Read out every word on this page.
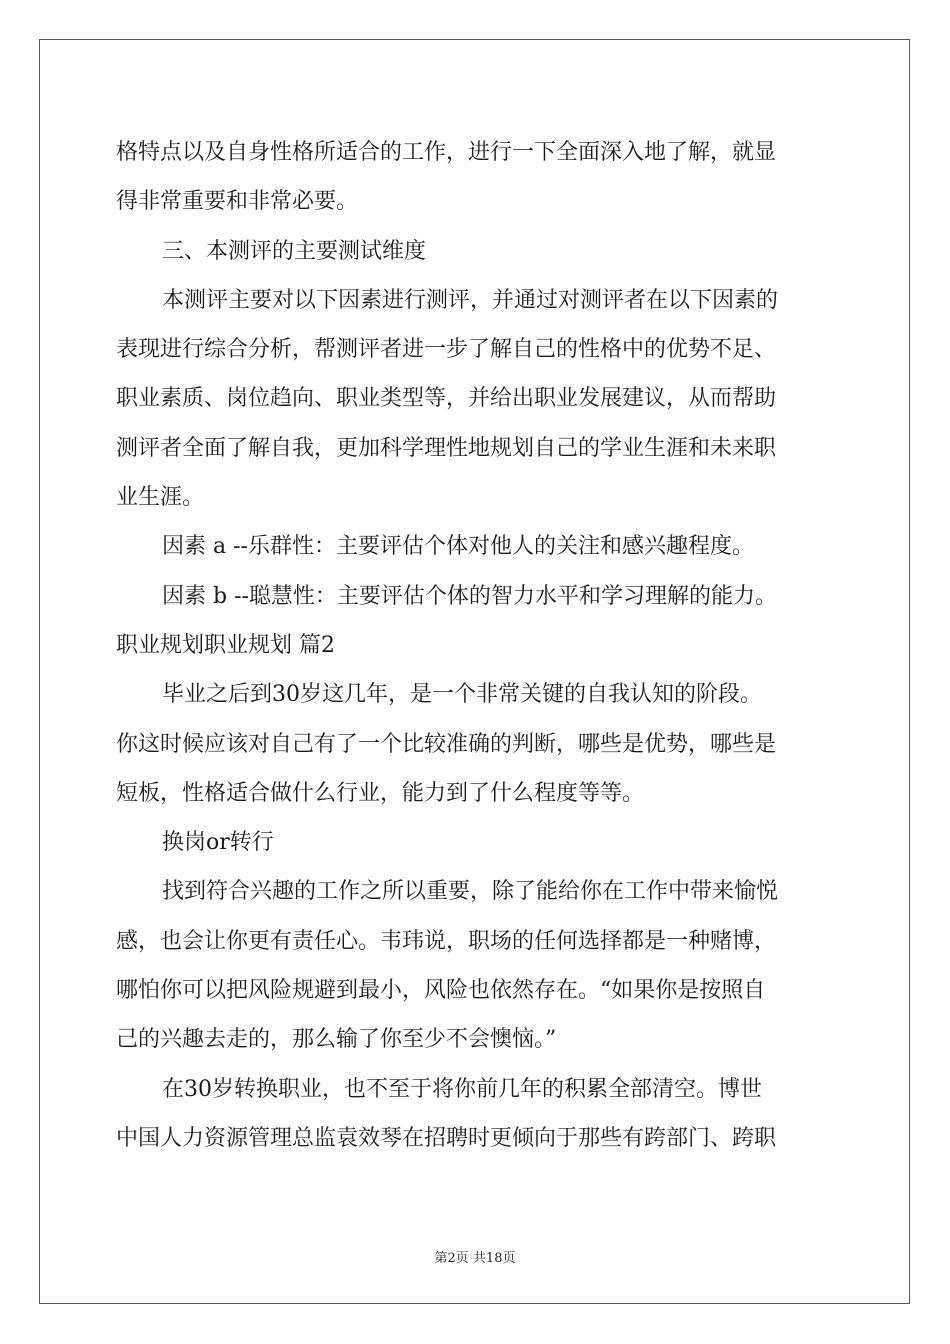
格特点以及自身性格所适合的工作，进行一下全面深入地了解，就显
得非常重要和非常必要。
三、本测评的主要测试维度
本测评主要对以下因素进行测评，并通过对测评者在以下因素的
表现进行综合分析，帮测评者进一步了解自己的性格中的优势不足、
职业素质、岗位趋向、职业类型等，并给出职业发展建议，从而帮助
测评者全面了解自我，更加科学理性地规划自己的学业生涯和未来职
业生涯。
因素 a --乐群性：主要评估个体对他人的关注和感兴趣程度。
因素 b --聪慧性：主要评估个体的智力水平和学习理解的能力。
职业规划职业规划 篇2
毕业之后到30岁这几年，是一个非常关键的自我认知的阶段。
你这时候应该对自己有了一个比较准确的判断，哪些是优势，哪些是
短板，性格适合做什么行业，能力到了什么程度等等。
换岗or转行
找到符合兴趣的工作之所以重要，除了能给你在工作中带来愉悦
感，也会让你更有责任心。韦玮说，职场的任何选择都是一种赌博，
哪怕你可以把风险规避到最小，风险也依然存在。“如果你是按照自
己的兴趣去走的，那么输了你至少不会懊恼。”
在30岁转换职业，也不至于将你前几年的积累全部清空。博世
中国人力资源管理总监袁效琴在招聘时更倾向于那些有跨部门、跨职
第2页 共18页
